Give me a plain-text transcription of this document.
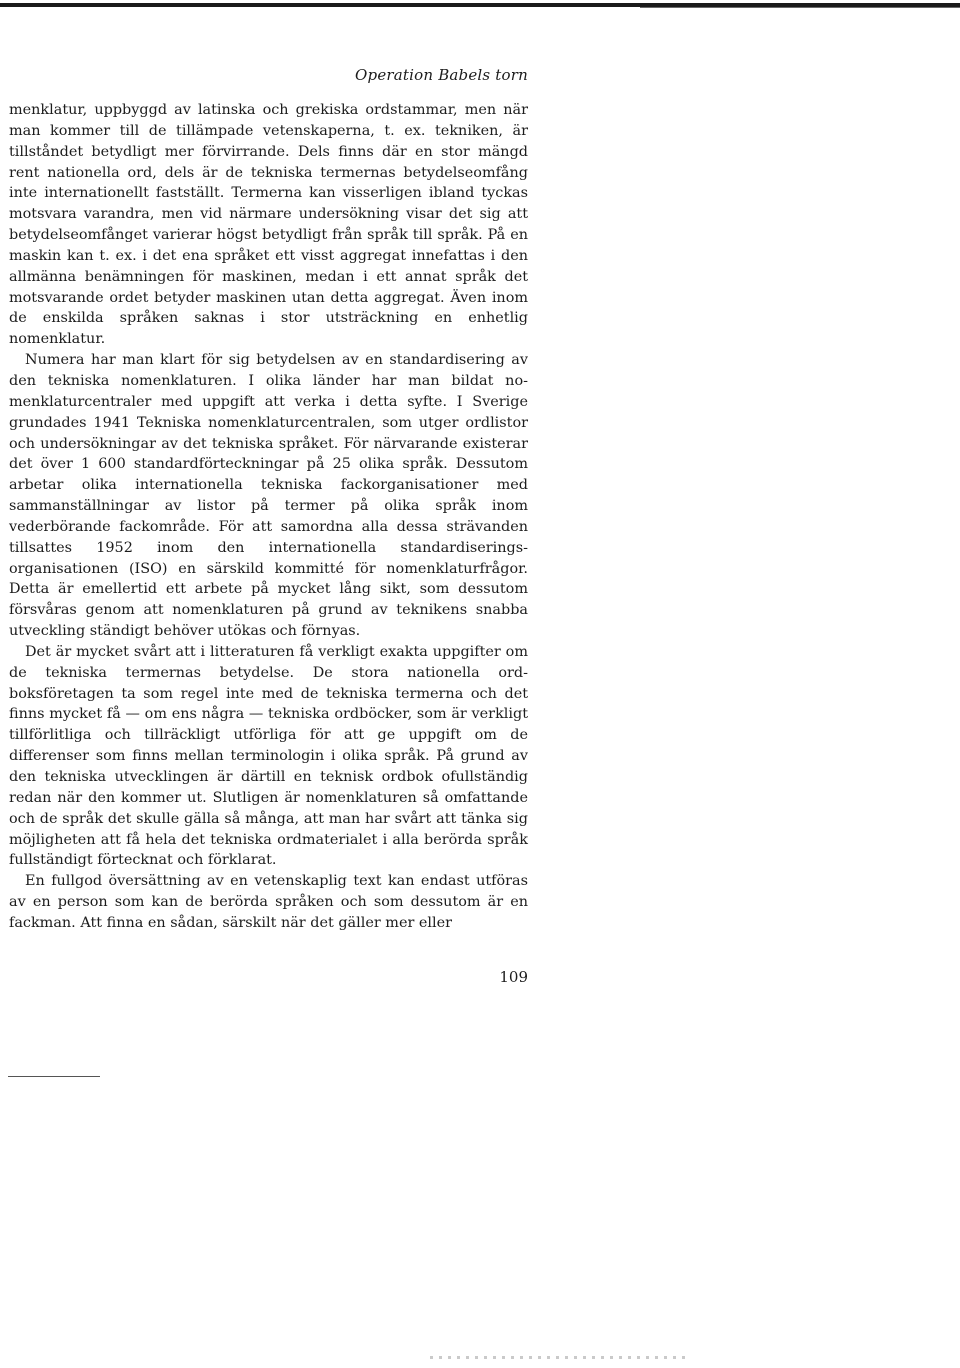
Operation Babels torn

menklatur, uppbyggd av latinska och grekiska ordstammar, men när man kommer till de tillämpade vetenskaperna, t. ex. tekniken, är tillståndet betydligt mer förvirrande. Dels finns där en stor mängd rent nationella ord, dels är de tekniska termernas betydelseomfång inte internationellt fastställt. Termerna kan visserligen ibland tyckas motsvara varandra, men vid närmare undersökning visar det sig att betydelseomfånget varierar högst betydligt från språk till språk. På en maskin kan t. ex. i det ena språket ett visst aggregat innefattas i den allmänna benämningen för maskinen, medan i ett annat språk det motsvarande ordet betyder maskinen utan detta aggregat. Även inom de enskilda språken saknas i stor utsträckning en enhetlig nomenklatur.

Numera har man klart för sig betydelsen av en standardisering av den tekniska nomenklaturen. I olika länder har man bildat nomenklaturcentraler med uppgift att verka i detta syfte. I Sverige grundades 1941 Tekniska nomenklaturcentralen, som utger ordlistor och undersökningar av det tekniska språket. För närvarande existerar det över 1 600 standardförteckningar på 25 olika språk. Dessutom arbetar olika internationella tekniska fackorganisationer med sammanställningar av listor på termer på olika språk inom vederbörande fackområde. För att samordna alla dessa strävanden tillsattes 1952 inom den internationella standardiseringsorganisationen (ISO) en särskild kommitté för nomenklaturfrågor. Detta är emellertid ett arbete på mycket lång sikt, som dessutom försvåras genom att nomenklaturen på grund av teknikens snabba utveckling ständigt behöver utökas och förnyas.

Det är mycket svårt att i litteraturen få verkligt exakta uppgifter om de tekniska termernas betydelse. De stora nationella ordboksföretagen ta som regel inte med de tekniska termerna och det finns mycket få — om ens några — tekniska ordböcker, som är verkligt tillförlitliga och tillräckligt utförliga för att ge uppgift om de differenser som finns mellan terminologin i olika språk. På grund av den tekniska utvecklingen är därtill en teknisk ordbok ofullständig redan när den kommer ut. Slutligen är nomenklaturen så omfattande och de språk det skulle gälla så många, att man har svårt att tänka sig möjligheten att få hela det tekniska ordmaterialet i alla berörda språk fullständigt förtecknat och förklarat.

En fullgod översättning av en vetenskaplig text kan endast utföras av en person som kan de berörda språken och som dessutom är en fackman. Att finna en sådan, särskilt när det gäller mer eller

109
